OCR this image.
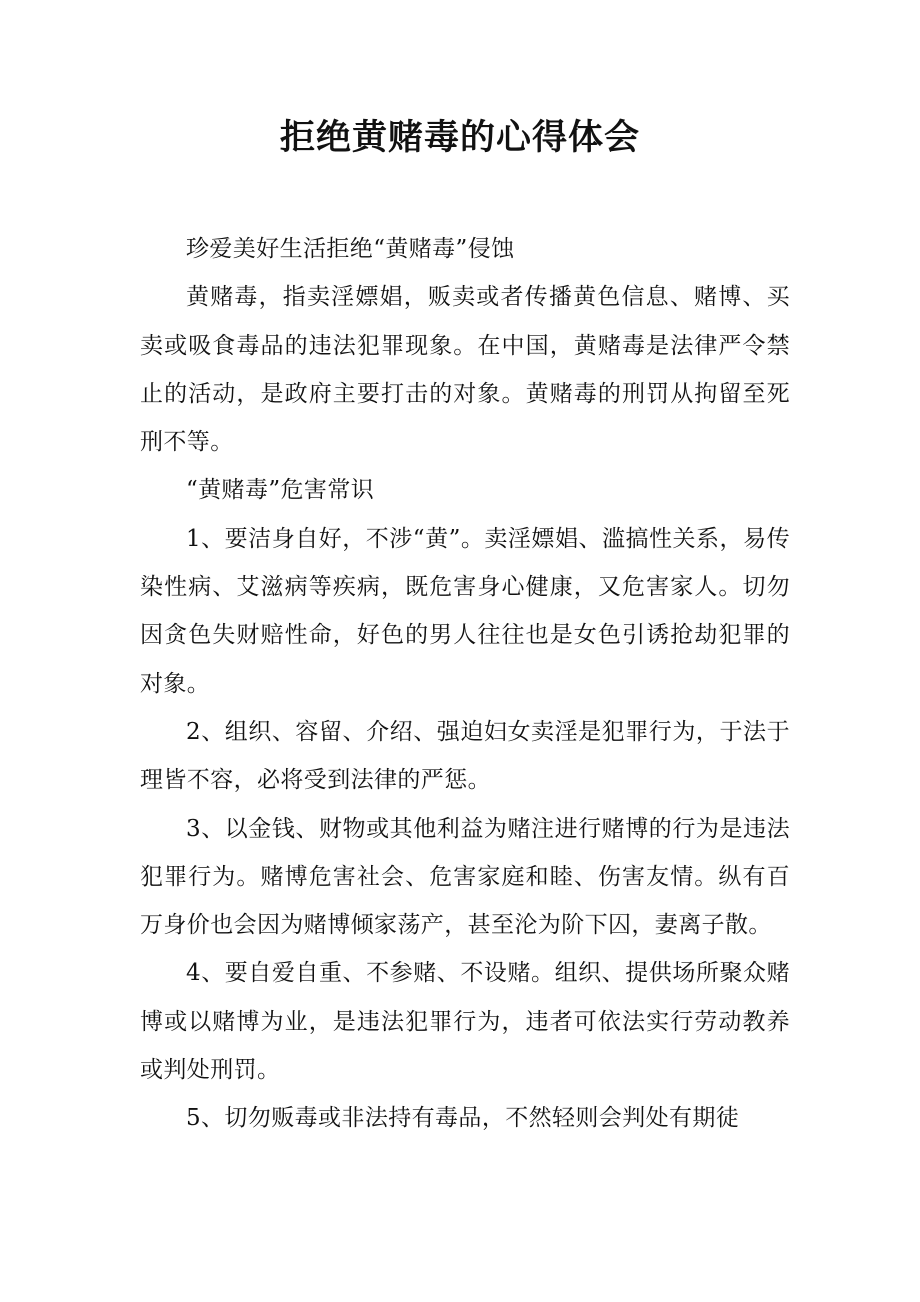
拒绝黄赌毒的心得体会

珍爱美好生活拒绝“黄赌毒”侵蚀

黄赌毒，指卖淫嫖娼，贩卖或者传播黄色信息、赌博、买卖或吸食毒品的违法犯罪现象。在中国，黄赌毒是法律严令禁止的活动，是政府主要打击的对象。黄赌毒的刑罚从拘留至死刑不等。

“黄赌毒”危害常识

1、要洁身自好，不涉“黄”。卖淫嫖娼、滥搞性关系，易传染性病、艾滋病等疾病，既危害身心健康，又危害家人。切勿因贪色失财赔性命，好色的男人往往也是女色引诱抢劫犯罪的对象。

2、组织、容留、介绍、强迫妇女卖淫是犯罪行为，于法于理皆不容，必将受到法律的严惩。

3、以金钱、财物或其他利益为赌注进行赌博的行为是违法犯罪行为。赌博危害社会、危害家庭和睦、伤害友情。纵有百万身价也会因为赌博倾家荡产，甚至沦为阶下囚，妻离子散。

4、要自爱自重、不参赌、不设赌。组织、提供场所聚众赌博或以赌博为业，是违法犯罪行为，违者可依法实行劳动教养或判处刑罚。

5、切勿贩毒或非法持有毒品，不然轻则会判处有期徒
